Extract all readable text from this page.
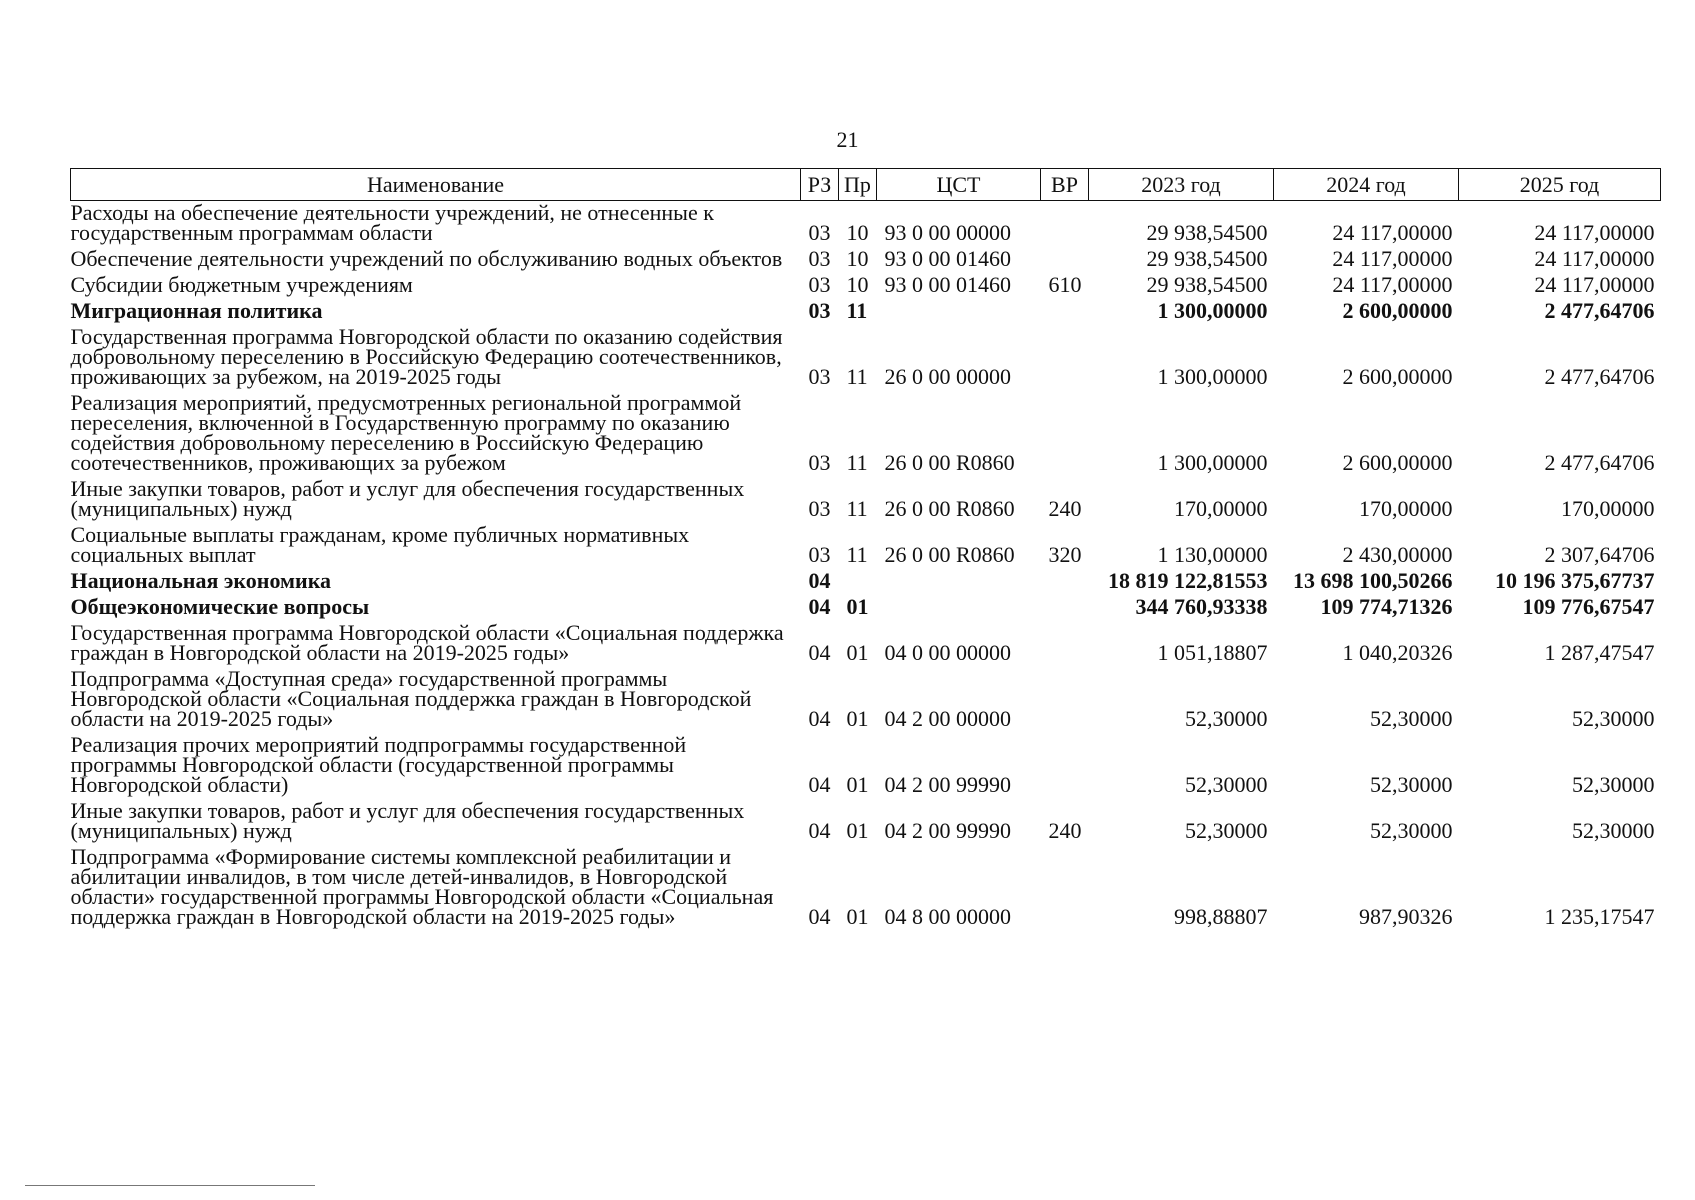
21
Наименование	РЗ	Пр	ЦСТ	ВР	2023 год	2024 год	2025 год
Расходы на обеспечение деятельности учреждений, не отнесенные к государственным программам области	03	10	93 0 00 00000		29 938,54500	24 117,00000	24 117,00000
Обеспечение деятельности учреждений по обслуживанию водных объектов	03	10	93 0 00 01460		29 938,54500	24 117,00000	24 117,00000
Субсидии бюджетным учреждениям	03	10	93 0 00 01460	610	29 938,54500	24 117,00000	24 117,00000
Миграционная политика	03	11			1 300,00000	2 600,00000	2 477,64706
Государственная программа Новгородской области по оказанию содействия добровольному переселению в Российскую Федерацию соотечественников, проживающих за рубежом, на 2019-2025 годы	03	11	26 0 00 00000		1 300,00000	2 600,00000	2 477,64706
Реализация мероприятий, предусмотренных региональной программой переселения, включенной в Государственную программу по оказанию содействия добровольному переселению в Российскую Федерацию соотечественников, проживающих за рубежом	03	11	26 0 00 R0860		1 300,00000	2 600,00000	2 477,64706
Иные закупки товаров, работ и услуг для обеспечения государственных (муниципальных) нужд	03	11	26 0 00 R0860	240	170,00000	170,00000	170,00000
Социальные выплаты гражданам, кроме публичных нормативных социальных выплат	03	11	26 0 00 R0860	320	1 130,00000	2 430,00000	2 307,64706
Национальная экономика	04				18 819 122,81553	13 698 100,50266	10 196 375,67737
Общеэкономические вопросы	04	01			344 760,93338	109 774,71326	109 776,67547
Государственная программа Новгородской области «Социальная поддержка граждан в Новгородской области на 2019-2025 годы»	04	01	04 0 00 00000		1 051,18807	1 040,20326	1 287,47547
Подпрограмма «Доступная среда» государственной программы Новгородской области «Социальная поддержка граждан в Новгородской области на 2019-2025 годы»	04	01	04 2 00 00000		52,30000	52,30000	52,30000
Реализация прочих мероприятий подпрограммы государственной программы Новгородской области (государственной программы Новгородской области)	04	01	04 2 00 99990		52,30000	52,30000	52,30000
Иные закупки товаров, работ и услуг для обеспечения государственных (муниципальных) нужд	04	01	04 2 00 99990	240	52,30000	52,30000	52,30000
Подпрограмма «Формирование системы комплексной реабилитации и абилитации инвалидов, в том числе детей-инвалидов, в Новгородской области» государственной программы Новгородской области «Социальная поддержка граждан в Новгородской области на 2019-2025 годы»	04	01	04 8 00 00000		998,88807	987,90326	1 235,17547
